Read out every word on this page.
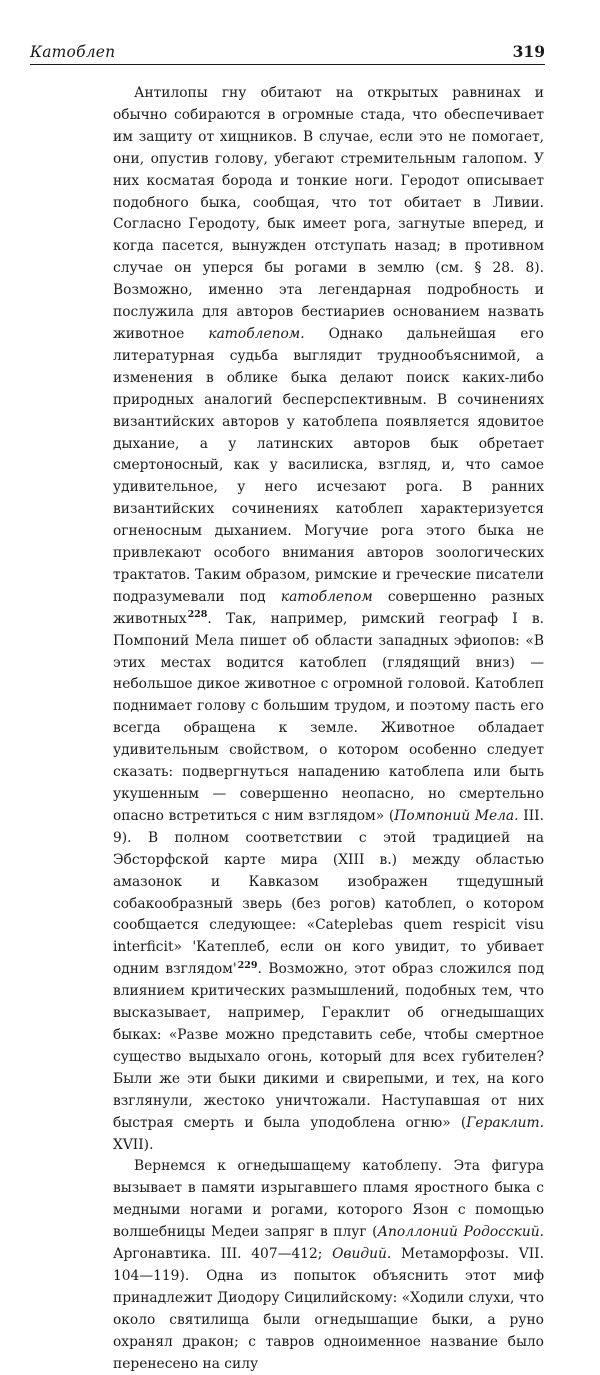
Катоблеп	319

Антилопы гну обитают на открытых равнинах и обычно собираются в огромные стада, что обеспечивает им защиту от хищников. В случае, если это не помогает, они, опустив голову, убегают стремительным галопом. У них косматая борода и тонкие ноги. Геродот описывает подобного быка, сообщая, что тот обитает в Ливии. Согласно Геродоту, бык имеет рога, загнутые вперед, и когда пасется, вынужден отступать назад; в противном случае он уперся бы рогами в землю (см. § 28. 8). Возможно, именно эта легендарная подробность и послужила для авторов бестиариев основанием назвать животное катоблепом. Однако дальнейшая его литературная судьба выглядит труднообъяснимой, а изменения в облике быка делают поиск каких-либо природных аналогий бесперспективным. В сочинениях византийских авторов у катоблепа появляется ядовитое дыхание, а у латинских авторов бык обретает смертоносный, как у василиска, взгляд, и, что самое удивительное, у него исчезают рога. В ранних византийских сочинениях катоблеп характеризуется огненосным дыханием. Могучие рога этого быка не привлекают особого внимания авторов зоологических трактатов. Таким образом, римские и греческие писатели подразумевали под катоблепом совершенно разных животных$^{228}$. Так, например, римский географ I в. Помпоний Мела пишет об области западных эфиопов: «В этих местах водится катоблеп (глядящий вниз) — небольшое дикое животное с огромной головой. Катоблеп поднимает голову с большим трудом, и поэтому пасть его всегда обращена к земле. Животное обладает удивительным свойством, о котором особенно следует сказать: подвергнуться нападению катоблепа или быть укушенным — совершенно неопасно, но смертельно опасно встретиться с ним взглядом» (Помпоний Мела. III. 9). В полном соответствии с этой традицией на Эбсторфской карте мира (XIII в.) между областью амазонок и Кавказом изображен тщедушный собакообразный зверь (без рогов) катоблеп, о котором сообщается следующее: «Cateplebas quem respicit visu interficit» 'Катеплеб, если он кого увидит, то убивает одним взглядом'$^{229}$. Возможно, этот образ сложился под влиянием критических размышлений, подобных тем, что высказывает, например, Гераклит об огнедышащих быках: «Разве можно представить себе, чтобы смертное существо выдыхало огонь, который для всех губителен? Были же эти быки дикими и свирепыми, и тех, на кого взглянули, жестоко уничтожали. Наступавшая от них быстрая смерть и была уподоблена огню» (Гераклит. XVII).

Вернемся к огнедышащему катоблепу. Эта фигура вызывает в памяти изрыгавшего пламя яростного быка с медными ногами и рогами, которого Язон с помощью волшебницы Медеи запряг в плуг (Аполлоний Родосский. Аргонавтика. III. 407—412; Овидий. Метаморфозы. VII. 104—119). Одна из попыток объяснить этот миф принадлежит Диодору Сицилийскому: «Ходили слухи, что около святилища были огнедышащие быки, а руно охранял дракон; с тавров одноименное название было перенесено на силу
